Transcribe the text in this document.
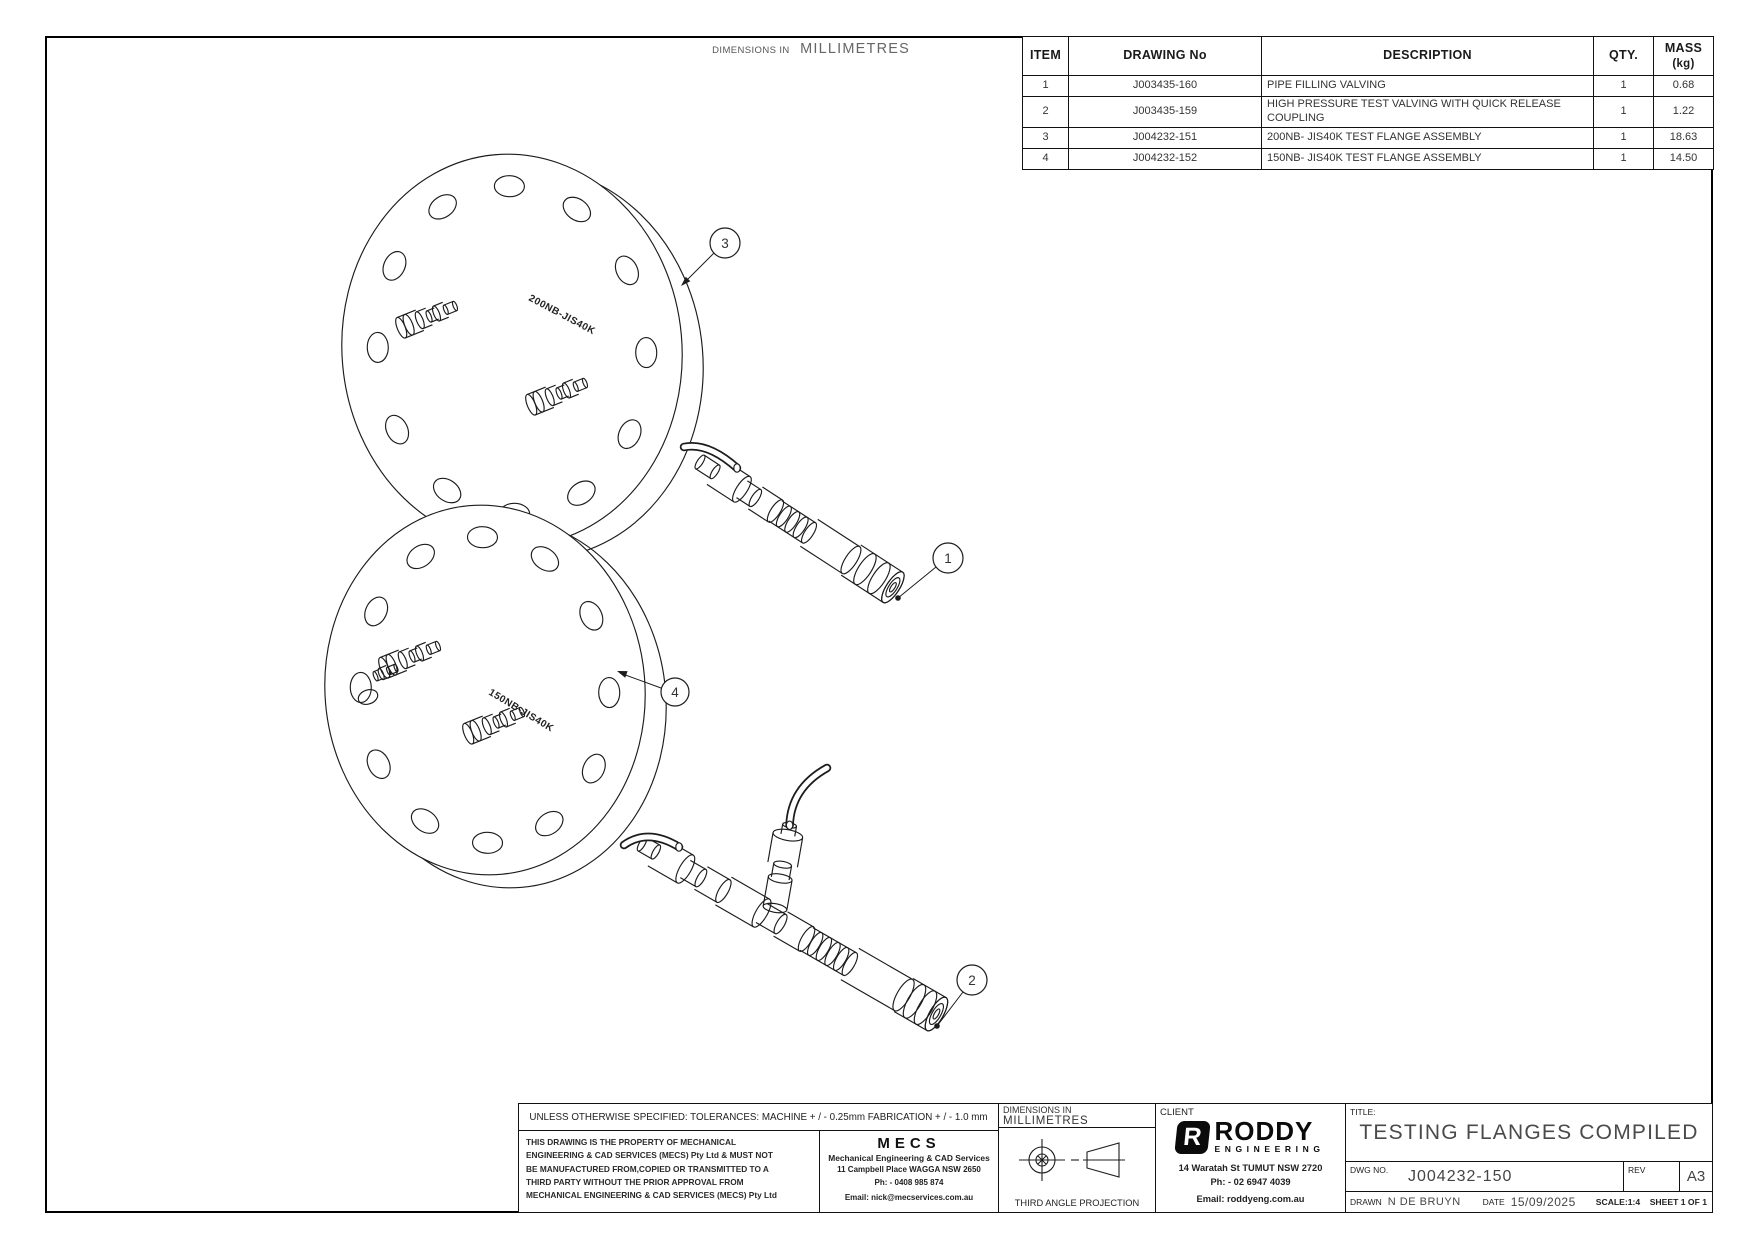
DIMENSIONS IN MILLIMETRES
200NB-JIS40K
150NB-JIS40K
1
2
3
4
ITEM	DRAWING No	DESCRIPTION	QTY.	MASS
(kg)

1	J003435-160	PIPE FILLING VALVING	1	0.68
2	J003435-159	HIGH PRESSURE TEST VALVING WITH QUICK RELEASE COUPLING	1	1.22
3	J004232-151	200NB- JIS40K TEST FLANGE ASSEMBLY	1	18.63
4	J004232-152	150NB- JIS40K TEST FLANGE ASSEMBLY	1	14.50
UNLESS OTHERWISE SPECIFIED: TOLERANCES: MACHINE + / - 0.25mm FABRICATION + / - 1.0 mm
THIS DRAWING IS THE PROPERTY OF MECHANICAL
ENGINEERING & CAD SERVICES (MECS) Pty Ltd & MUST NOT
BE MANUFACTURED FROM,COPIED OR TRANSMITTED TO A
THIRD PARTY WITHOUT THE PRIOR APPROVAL FROM
MECHANICAL ENGINEERING & CAD SERVICES (MECS) Pty Ltd
MECS
Mechanical Engineering & CAD Services
11 Campbell Place WAGGA NSW 2650
Ph: - 0408 985 874
Email: nick@mecservices.com.au
DIMENSIONS IN
MILLIMETRES
THIRD ANGLE PROJECTION
CLIENT
R RODDY
ENGINEERING
14 Waratah St TUMUT NSW 2720
Ph: - 02 6947 4039
Email: roddyeng.com.au
TITLE:
TESTING FLANGES COMPILED
DWG NO. J004232-150	REV	A3
DRAWN N DE BRUYN	DATE 15/09/2025 SCALE:1:4 SHEET 1 OF 1
